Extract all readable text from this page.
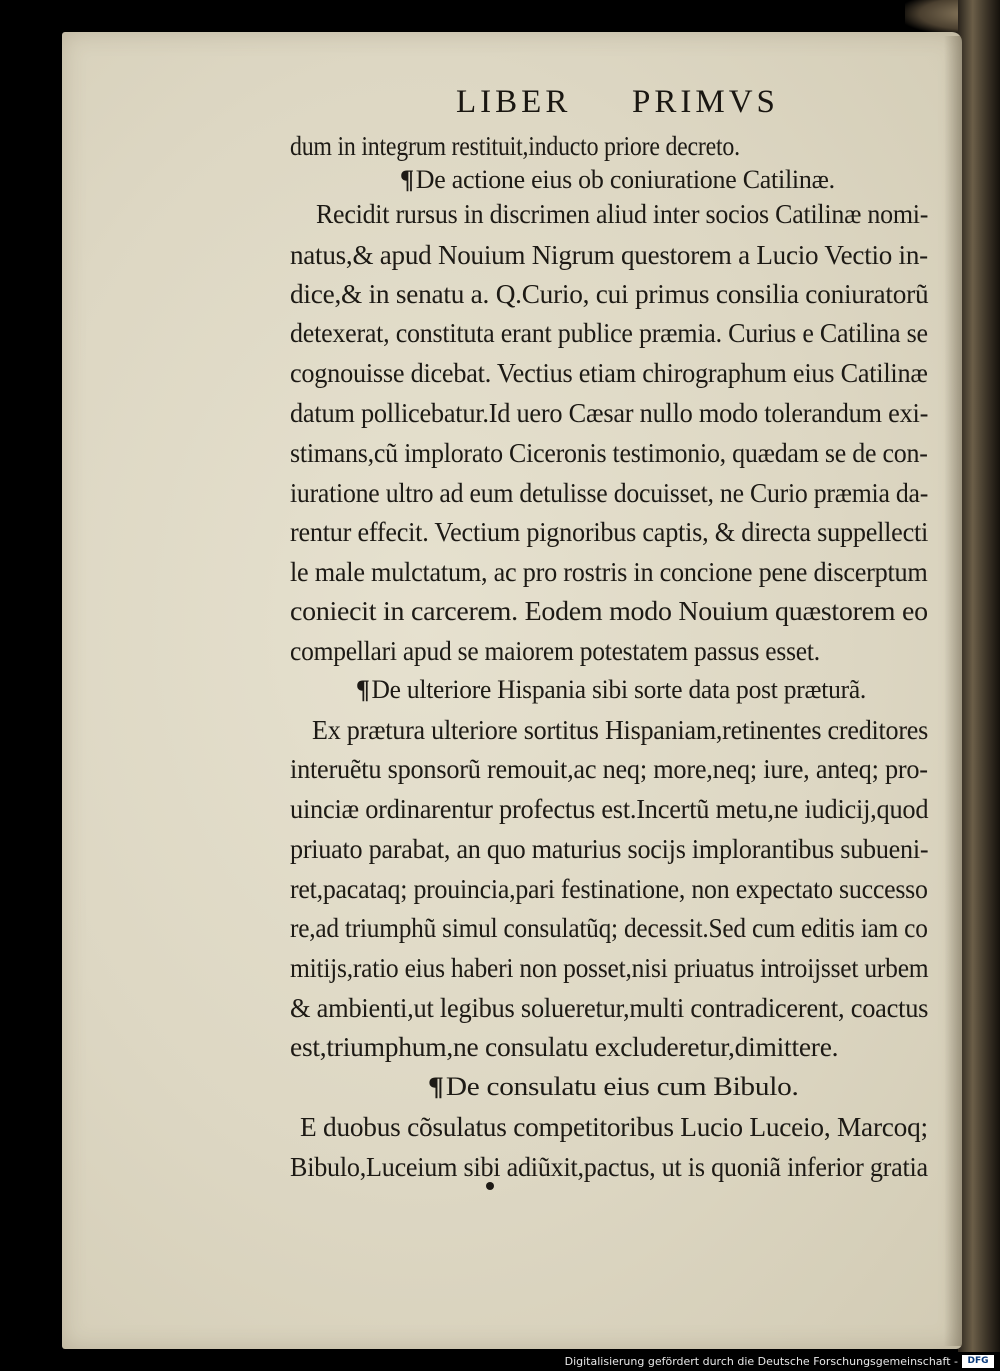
LIBER PRIMVS
dum in integrum restituit,inducto priore decreto.
¶De actione eius ob coniuratione Catilinæ.
Recidit rursus in discrimen aliud inter socios Catilinæ nomi-
natus,& apud Nouium Nigrum questorem a Lucio Vectio in-
dice,& in senatu a. Q.Curio, cui primus consilia coniuratorũ
detexerat, constituta erant publice præmia. Curius e Catilina se
cognouisse dicebat. Vectius etiam chirographum eius Catilinæ
datum pollicebatur.Id uero Cæsar nullo modo tolerandum exi-
stimans,cũ implorato Ciceronis testimonio, quædam se de con-
iuratione ultro ad eum detulisse docuisset, ne Curio præmia da-
rentur effecit. Vectium pignoribus captis, & directa suppellecti
le male mulctatum, ac pro rostris in concione pene discerptum
coniecit in carcerem. Eodem modo Nouium quæstorem eo
compellari apud se maiorem potestatem passus esset.
¶De ulteriore Hispania sibi sorte data post præturã.
Ex prætura ulteriore sortitus Hispaniam,retinentes creditores
interuẽtu sponsorũ remouit,ac neq; more,neq; iure, anteq; pro-
uinciæ ordinarentur profectus est.Incertũ metu,ne iudicij,quod
priuato parabat, an quo maturius socijs implorantibus subueni-
ret,pacataq; prouincia,pari festinatione, non expectato successo
re,ad triumphũ simul consulatũq; decessit.Sed cum editis iam co
mitijs,ratio eius haberi non posset,nisi priuatus introijsset urbem
& ambienti,ut legibus solueretur,multi contradicerent, coactus
est,triumphum,ne consulatu excluderetur,dimittere.
¶De consulatu eius cum Bibulo.
E duobus cõsulatus competitoribus Lucio Luceio, Marcoq;
Bibulo,Luceium sibi adiũxit,pactus, ut is quoniã inferior gratia
Digitalisierung gefördert durch die Deutsche Forschungsgemeinschaft -	DFG
